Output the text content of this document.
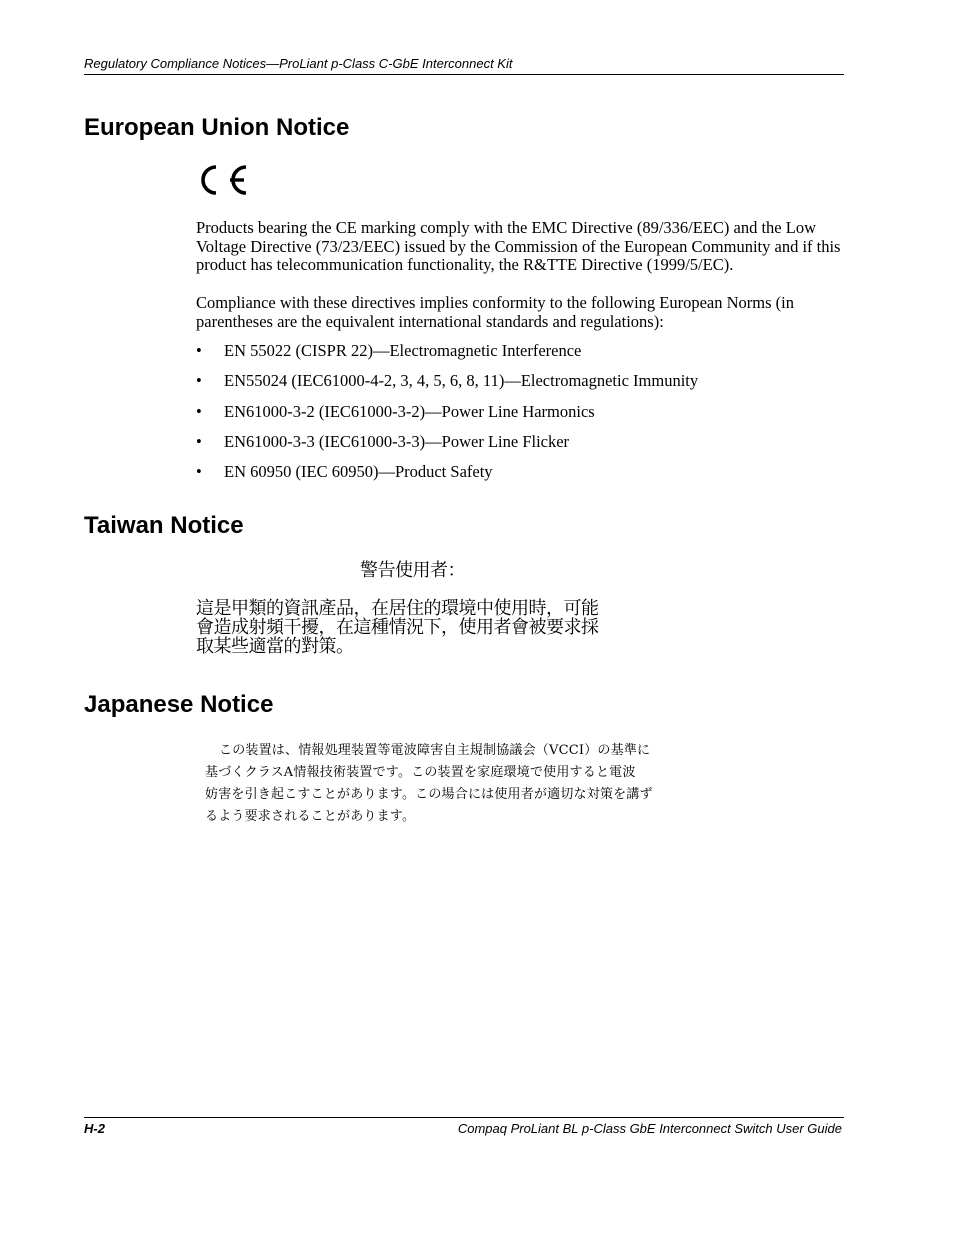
Regulatory Compliance Notices—ProLiant p-Class C-GbE Interconnect Kit
European Union Notice

Products bearing the CE marking comply with the EMC Directive (89/336/EEC) and the Low Voltage Directive (73/23/EEC) issued by the Commission of the European Community and if this product has telecommunication functionality, the R&TTE Directive (1999/5/EC).

Compliance with these directives implies conformity to the following European Norms (in parentheses are the equivalent international standards and regulations):

• EN 55022 (CISPR 22)—Electromagnetic Interference
• EN55024 (IEC61000-4-2, 3, 4, 5, 6, 8, 11)—Electromagnetic Immunity
• EN61000-3-2 (IEC61000-3-2)—Power Line Harmonics
• EN61000-3-3 (IEC61000-3-3)—Power Line Flicker
• EN 60950 (IEC 60950)—Product Safety
Taiwan Notice
警告使用者：
這是甲類的資訊產品，在居住的環境中使用時，可能
會造成射頻干擾，在這種情況下，使用者會被要求採
取某些適當的對策。
Japanese Notice
この装置は、情報処理装置等電波障害自主規制協議会（VCCI）の基準に
基づくクラスA情報技術装置です。この装置を家庭環境で使用すると電波
妨害を引き起こすことがあります。この場合には使用者が適切な対策を講ず
るよう要求されることがあります。
H-2	Compaq ProLiant BL p-Class GbE Interconnect Switch User Guide
